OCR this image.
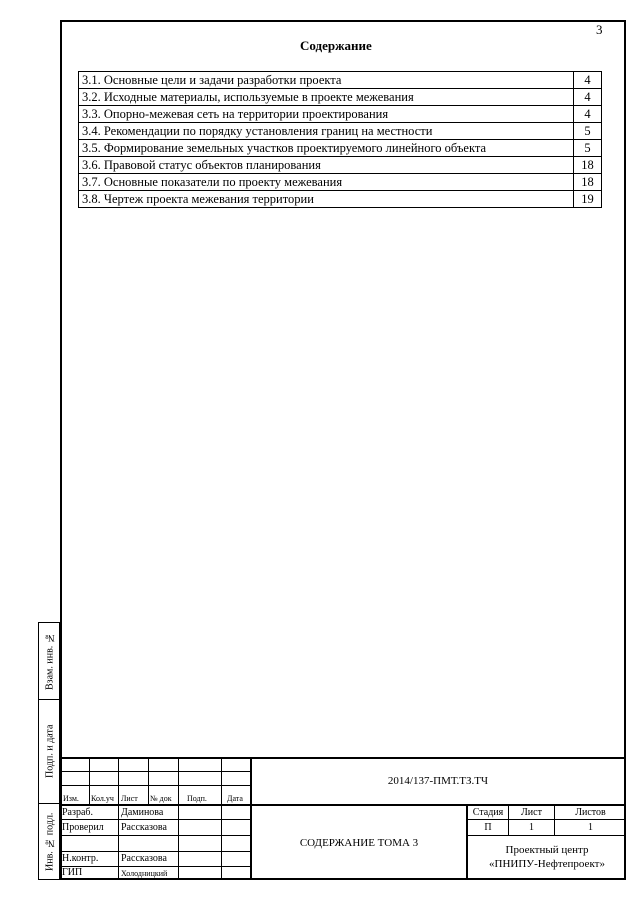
3
Содержание
3.1. Основные цели и задачи разработки проекта	4
3.2. Исходные материалы, используемые в проекте межевания	4
3.3. Опорно-межевая сеть на территории проектирования	4
3.4. Рекомендации по порядку установления границ на местности	5
3.5. Формирование земельных участков проектируемого линейного объекта	5
3.6. Правовой статус объектов планирования	18
3.7. Основные показатели по проекту межевания	18
3.8. Чертеж проекта межевания территории	19
Взам. инв. №
Подп. и дата
Инв. № подл.
2014/137-ПМТ.ТЗ.ТЧ
Изм. Кол.уч Лист № док Подп.	Дата
Разраб.	Даминова
Проверил Рассказова
Н.контр. Рассказова
ГИП	Холодницкий
СОДЕРЖАНИЕ ТОМА 3
Стадия	Лист	Листов
П	1	1
Проектный центр
«ПНИПУ-Нефтепроект»
